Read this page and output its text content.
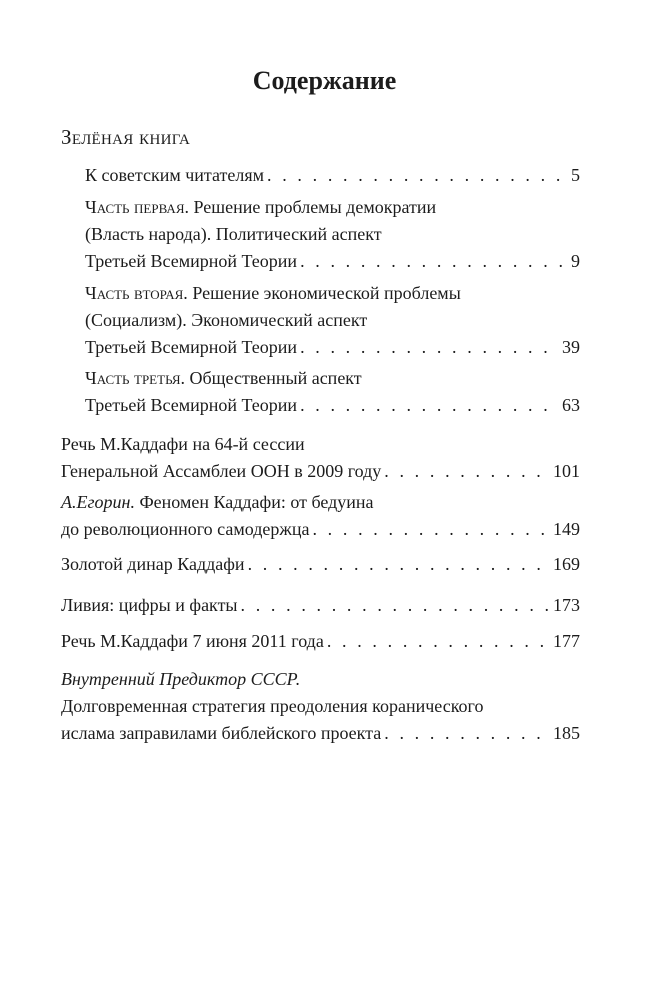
Содержание
Зелёная книга
К советским читателям . . .	5
Часть первая. Решение проблемы демократии
(Власть народа). Политический аспект
Третьей Всемирной Теории . . .	9
Часть вторая. Решение экономической проблемы
(Социализм). Экономический аспект
Третьей Всемирной Теории . . .	39
Часть третья. Общественный аспект
Третьей Всемирной Теории . . .	63
Речь М.Каддафи на 64-й сессии
Генеральной Ассамблеи ООН в 2009 году . . .	101
А.Егорин. Феномен Каддафи: от бедуина
до революционного самодержца . . .	149
Золотой динар Каддафи . . .	169
Ливия: цифры и факты . . .	173
Речь М.Каддафи 7 июня 2011 года . . .	177
Внутренний Предиктор СССР.
Долговременная стратегия преодоления коранического
ислама заправилами библейского проекта . . .	185
